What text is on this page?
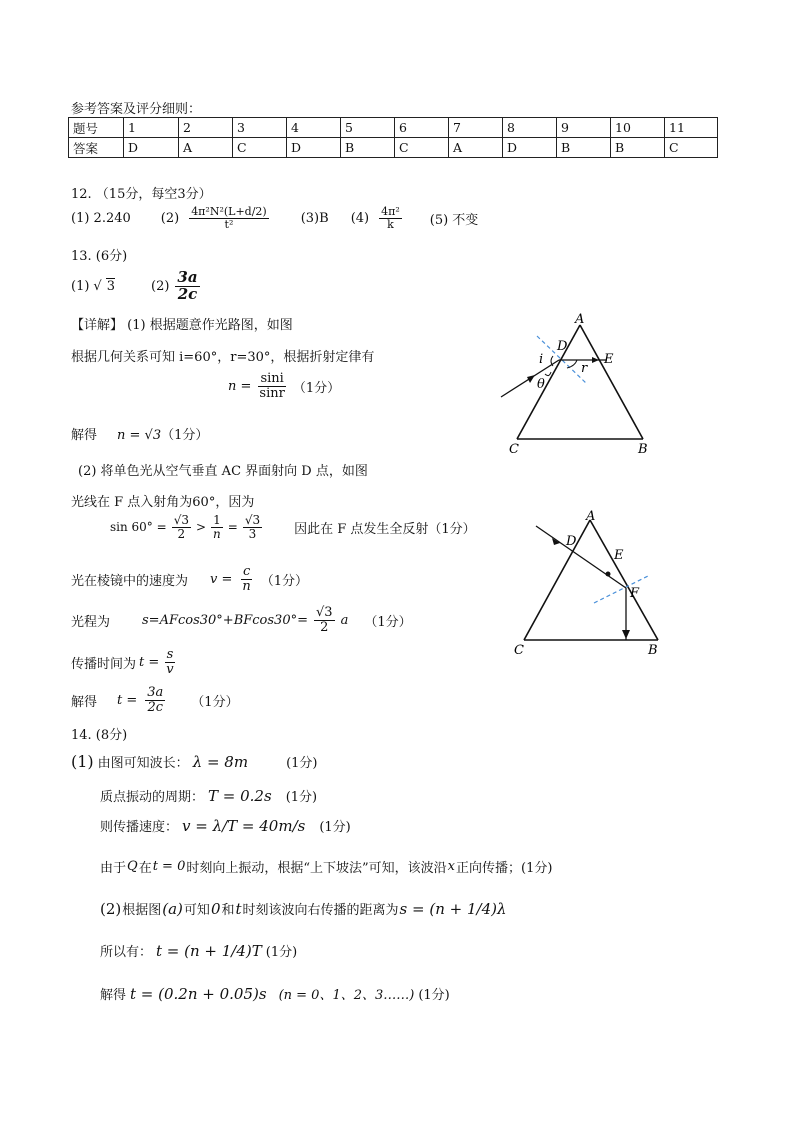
参考答案及评分细则：
题号	1	2	3	4	5	6	7	8	9	10	11
答案	D	A	C	D	B	C	A	D	B	B	C
12. （15分，每空3分）
(1) 2.240 $(2) \frac{\text{4π²N²(L+d/2)}}{\text{t²}} (3)B$ $(4) \frac{\text{4π²}}{k} (5)$ 不变
13. (6分)
(1) √ 3	$(2) \frac{3a}{2c}$
【详解】 (1) 根据题意作光路图，如图
根据几何关系可知 i=60°，r=30°，根据折射定律有
$n = \frac{\sin i}{\sin r} (1$分）
解得 n = √3（1分）
A
D
E
i
r
θ
C	B
(2) 将单色光从空气垂直 AC 界面射向 D 点，如图
光线在 F 点入射角为60°，因为
$\sin 60^\circ = \frac{√3}{2} > \frac{1}{n} = \frac{√3}{3}$ 因此在 F 点发生全反射（1分）
光在棱镜中的速度为 $v = \frac{c}{n} (1$分）
光程为 $s=AFcos30^\circ+BFcos30^\circ= \frac{√3}{2}$ a （1分）
传播时间为 $t = \frac{s}{v}$
解得 $t = \frac{3a}{2c} (1$分）
A
D
E
F
C	B
14. (8分)
(1) 由图可知波长： λ = 8m	(1分)
质点振动的周期： T = 0.2s (1分)
则传播速度： v = λ/T = 40m/s (1分)
由于 Q 在 t = 0 时刻向上振动，根据“上下坡法”可知，该波沿 x 正向传播；(1分)
(2) 根据图 (a) 可知 0 和 t 时刻该波向右传播的距离为 s = (n + 1/4)λ
所以有： t = (n + 1/4)T (1分)
解得 t = (0.2n + 0.05)s (n = 0、1、2、3……) (1分)
